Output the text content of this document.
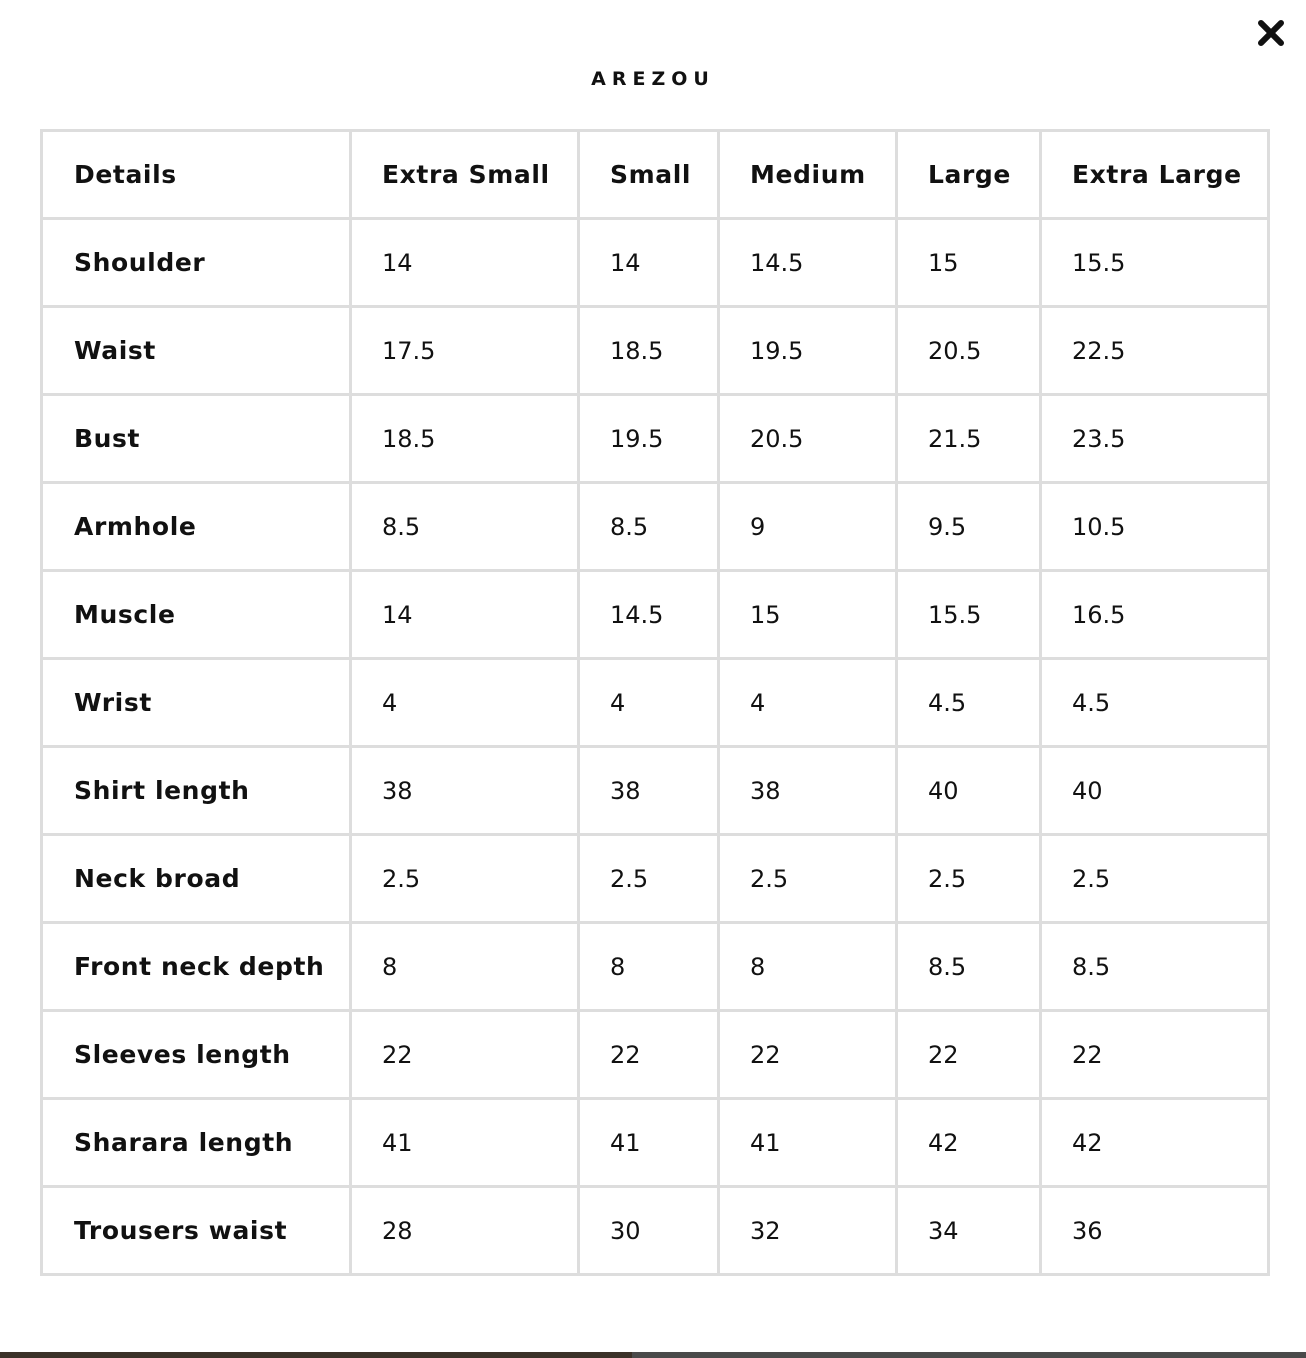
AREZOU
Details	Extra Small	Small	Medium	Large	Extra Large
Shoulder	14	14	14.5	15	15.5
Waist	17.5	18.5	19.5	20.5	22.5
Bust	18.5	19.5	20.5	21.5	23.5
Armhole	8.5	8.5	9	9.5	10.5
Muscle	14	14.5	15	15.5	16.5
Wrist	4	4	4	4.5	4.5
Shirt length	38	38	38	40	40
Neck broad	2.5	2.5	2.5	2.5	2.5
Front neck depth	8	8	8	8.5	8.5
Sleeves length	22	22	22	22	22
Sharara length	41	41	41	42	42
Trousers waist	28	30	32	34	36
